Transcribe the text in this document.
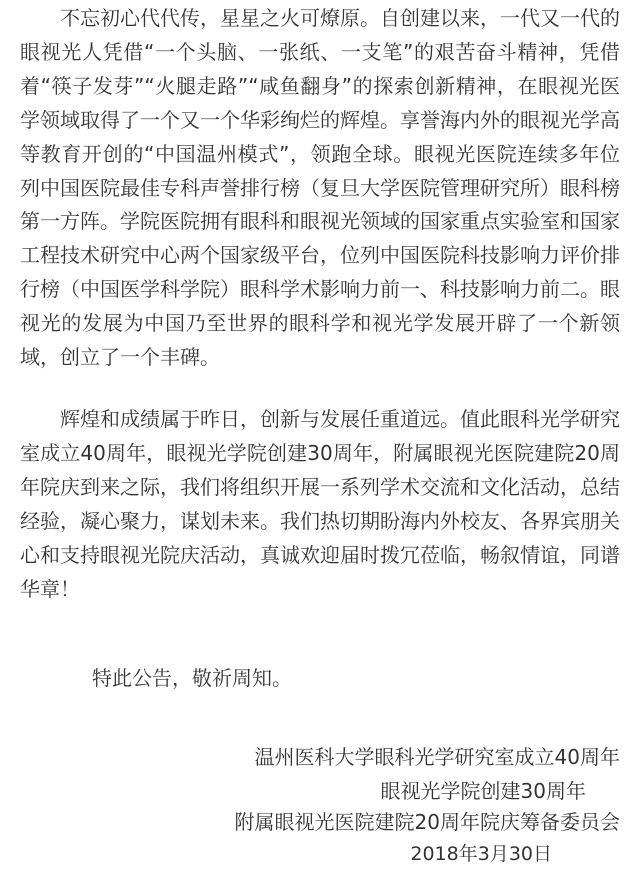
不忘初心代代传，星星之火可燎原。自创建以来，一代又一代的眼视光人凭借“一个头脑、一张纸、一支笔”的艰苦奋斗精神，凭借着“筷子发芽”“火腿走路”“咸鱼翻身”的探索创新精神，在眼视光医学领域取得了一个又一个华彩绚烂的辉煌。享誉海内外的眼视光学高等教育开创的“中国温州模式”，领跑全球。眼视光医院连续多年位列中国医院最佳专科声誉排行榜（复旦大学医院管理研究所）眼科榜第一方阵。学院医院拥有眼科和眼视光领域的国家重点实验室和国家工程技术研究中心两个国家级平台，位列中国医院科技影响力评价排行榜（中国医学科学院）眼科学术影响力前一、科技影响力前二。眼视光的发展为中国乃至世界的眼科学和视光学发展开辟了一个新领域，创立了一个丰碑。

辉煌和成绩属于昨日，创新与发展任重道远。值此眼科光学研究室成立40周年，眼视光学院创建30周年，附属眼视光医院建院20周年院庆到来之际，我们将组织开展一系列学术交流和文化活动，总结经验，凝心聚力，谋划未来。我们热切期盼海内外校友、各界宾朋关心和支持眼视光院庆活动，真诚欢迎届时拨冗莅临，畅叙情谊，同谱华章！

特此公告，敬祈周知。

温州医科大学眼科光学研究室成立40周年

眼视光学院创建30周年

附属眼视光医院建院20周年院庆筹备委员会

2018年3月30日
